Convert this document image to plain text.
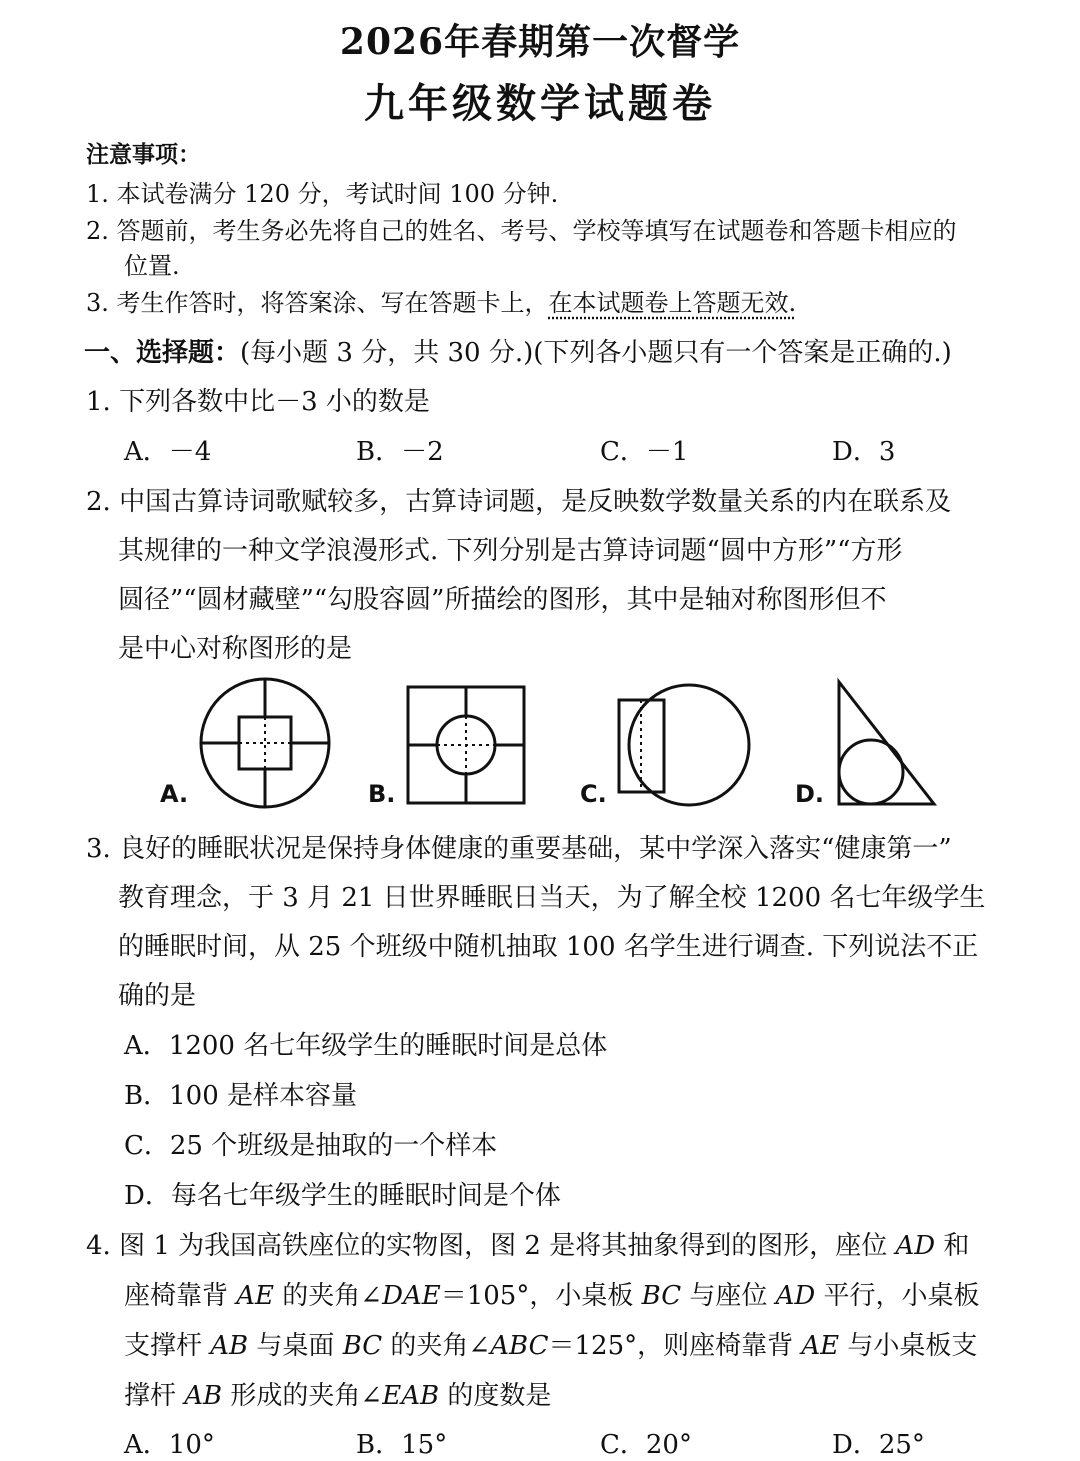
2026年春期第一次督学
九年级数学试题卷
注意事项：
1. 本试卷满分 120 分，考试时间 100 分钟.
2. 答题前，考生务必先将自己的姓名、考号、学校等填写在试题卷和答题卡相应的
位置.
3. 考生作答时，将答案涂、写在答题卡上，在本试题卷上答题无效.
一、选择题：(每小题 3 分，共 30 分.)(下列各小题只有一个答案是正确的.)
1. 下列各数中比－3 小的数是
A．－4	B．－2	C．－1	D．3
2. 中国古算诗词歌赋较多，古算诗词题，是反映数学数量关系的内在联系及
其规律的一种文学浪漫形式. 下列分别是古算诗词题“圆中方形”“方形
圆径”“圆材藏壁”“勾股容圆”所描绘的图形，其中是轴对称图形但不
是中心对称图形的是
A.	B.	C.	D.
3. 良好的睡眠状况是保持身体健康的重要基础，某中学深入落实“健康第一”
教育理念，于 3 月 21 日世界睡眠日当天，为了解全校 1200 名七年级学生
的睡眠时间，从 25 个班级中随机抽取 100 名学生进行调查. 下列说法不正
确的是
A．1200 名七年级学生的睡眠时间是总体
B．100 是样本容量
C．25 个班级是抽取的一个样本
D．每名七年级学生的睡眠时间是个体
4. 图 1 为我国高铁座位的实物图，图 2 是将其抽象得到的图形，座位 AD 和
座椅靠背 AE 的夹角∠DAE＝105°，小桌板 BC 与座位 AD 平行，小桌板
支撑杆 AB 与桌面 BC 的夹角∠ABC＝125°，则座椅靠背 AE 与小桌板支
撑杆 AB 形成的夹角∠EAB 的度数是
A．10°	B．15°	C．20°	D．25°
